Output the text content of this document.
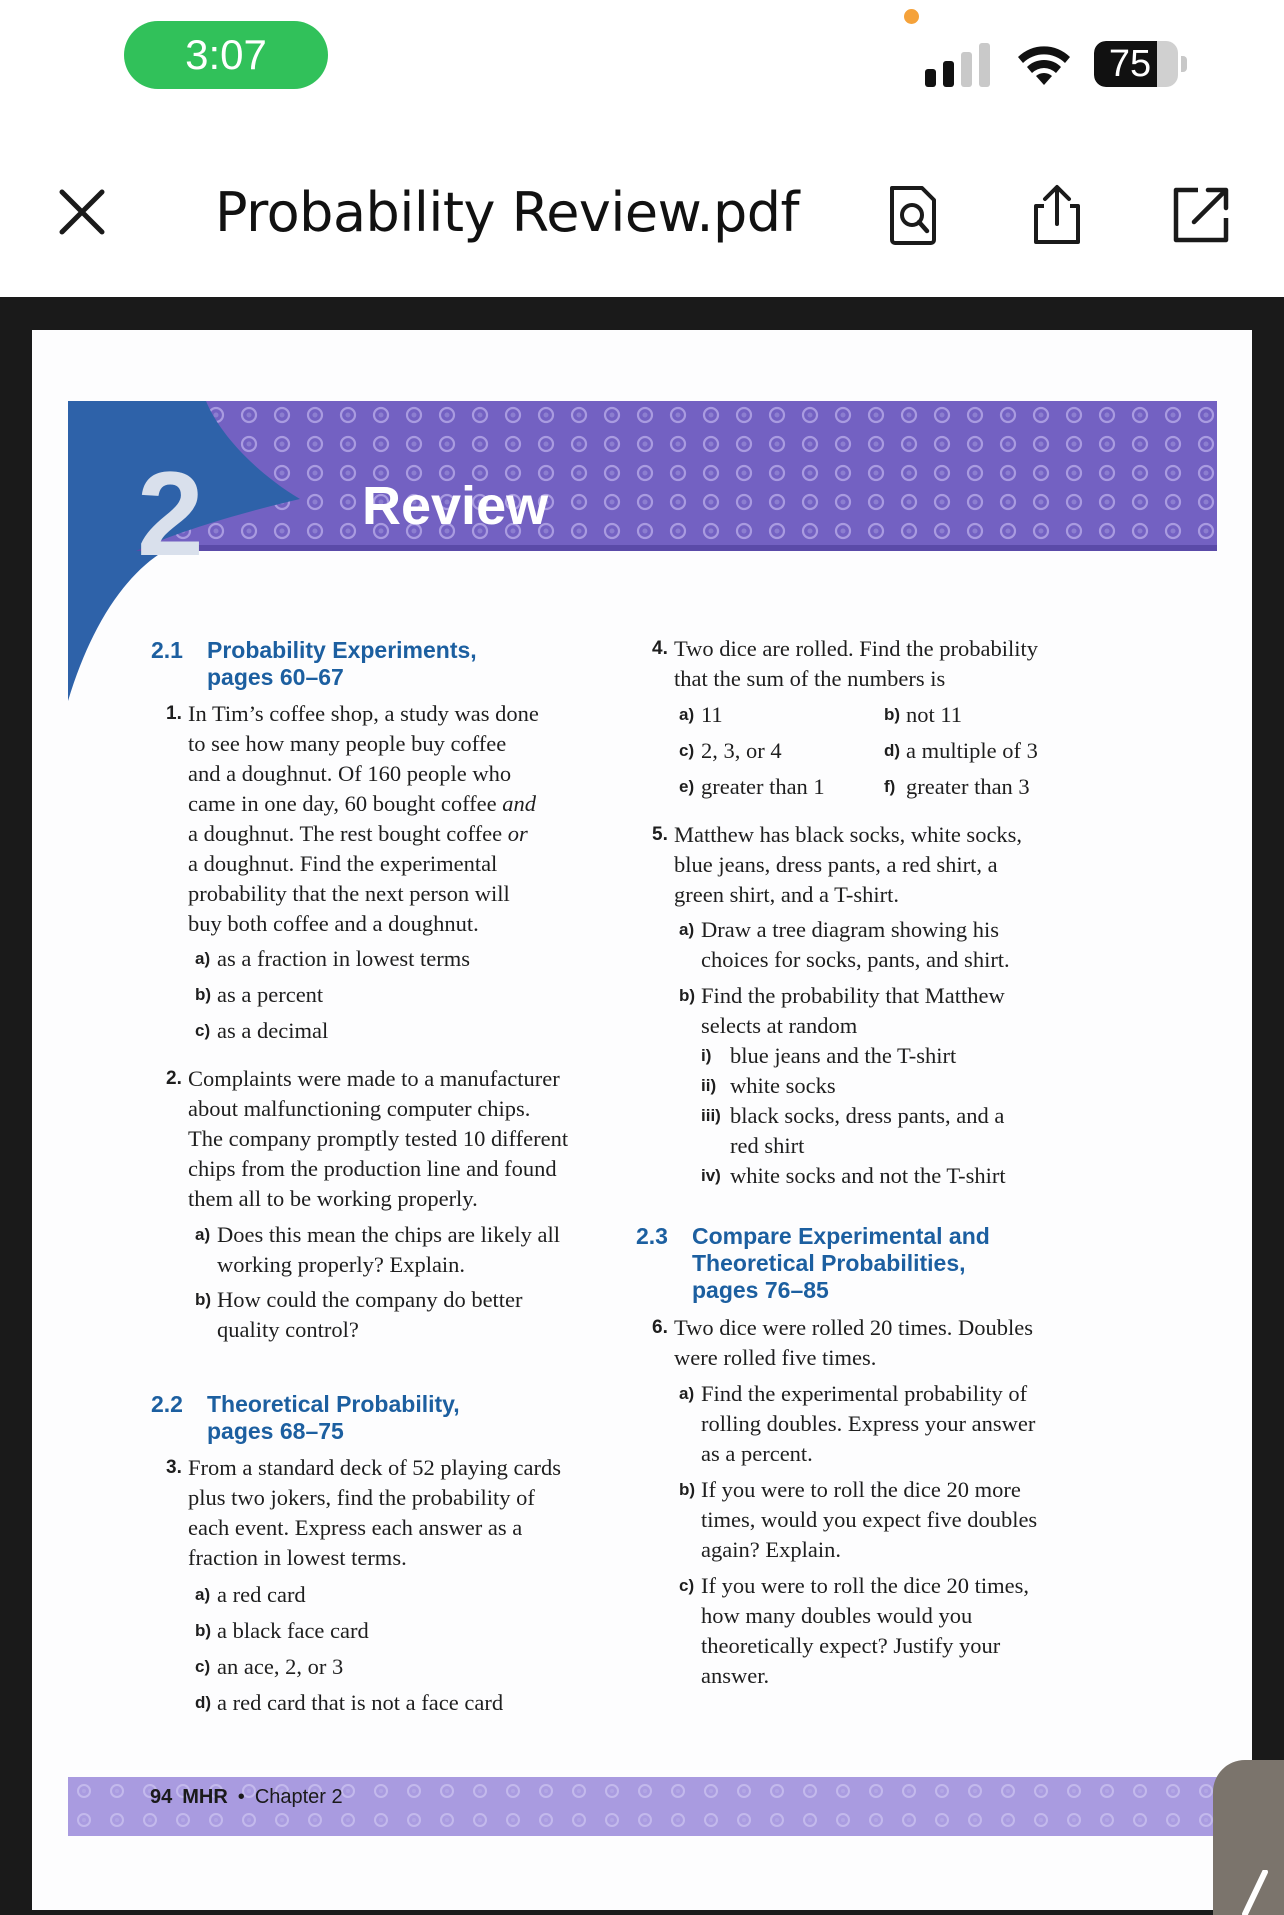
3:07	75
Probability Review.pdf
2	Review
2.1 Probability Experiments,
pages 60–67
1. In Tim’s coffee shop, a study was done
to see how many people buy coffee
and a doughnut. Of 160 people who
came in one day, 60 bought coffee and
a doughnut. The rest bought coffee or
a doughnut. Find the experimental
probability that the next person will
buy both coffee and a doughnut.
a) as a fraction in lowest terms
b) as a percent
c) as a decimal
2. Complaints were made to a manufacturer
about malfunctioning computer chips.
The company promptly tested 10 different
chips from the production line and found
them all to be working properly.
a) Does this mean the chips are likely all
working properly? Explain.
b) How could the company do better
quality control?
2.2 Theoretical Probability,
pages 68–75
3. From a standard deck of 52 playing cards
plus two jokers, find the probability of
each event. Express each answer as a
fraction in lowest terms.
a) a red card
b) a black face card
c) an ace, 2, or 3
d) a red card that is not a face card
4. Two dice are rolled. Find the probability
that the sum of the numbers is
a) 11	b) not 11
c) 2, 3, or 4	d) a multiple of 3
e) greater than 1	f) greater than 3
5. Matthew has black socks, white socks,
blue jeans, dress pants, a red shirt, a
green shirt, and a T-shirt.
a) Draw a tree diagram showing his
choices for socks, pants, and shirt.
b) Find the probability that Matthew
selects at random
i) blue jeans and the T-shirt
ii) white socks
iii) black socks, dress pants, and a
red shirt
iv) white socks and not the T-shirt
2.3 Compare Experimental and
Theoretical Probabilities,
pages 76–85
6. Two dice were rolled 20 times. Doubles
were rolled five times.
a) Find the experimental probability of
rolling doubles. Express your answer
as a percent.
b) If you were to roll the dice 20 more
times, would you expect five doubles
again? Explain.
c) If you were to roll the dice 20 times,
how many doubles would you
theoretically expect? Justify your
answer.
94 MHR • Chapter 2
